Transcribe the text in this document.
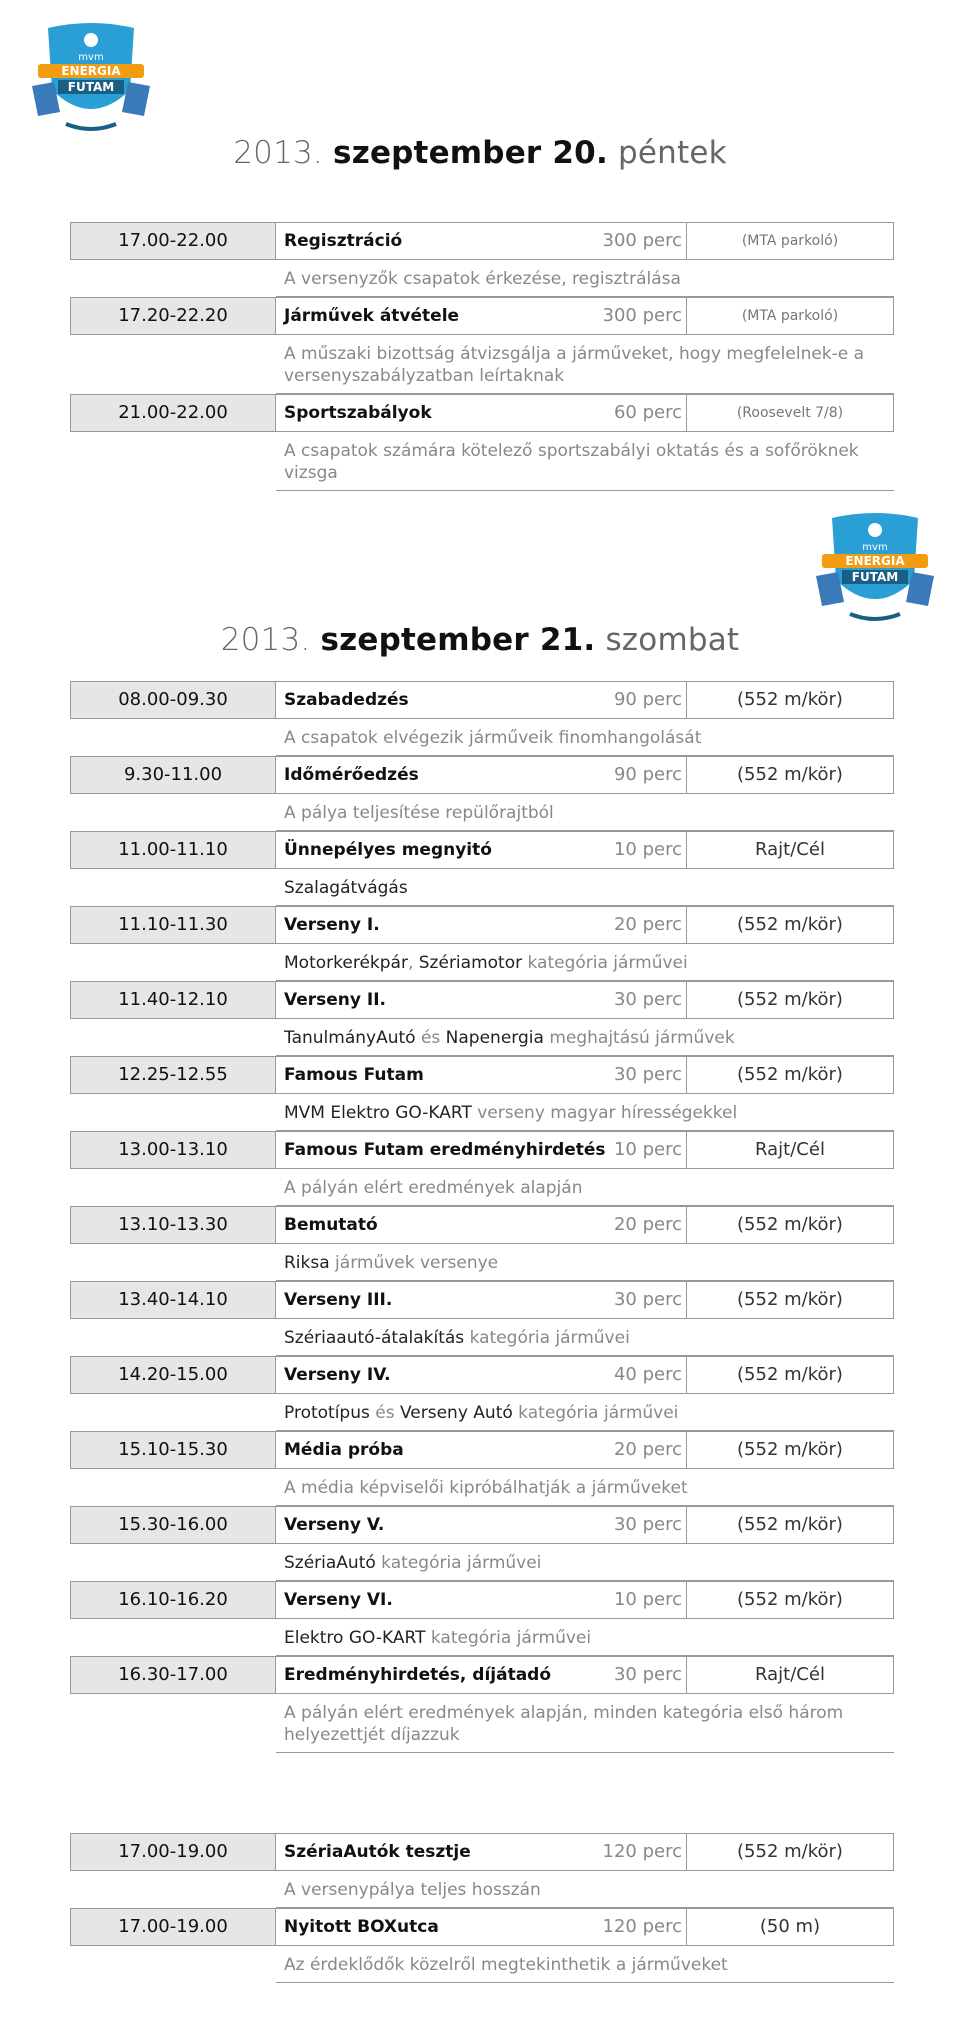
mvm
ENERGIA
FUTAM
2013. szeptember 20. péntek
17.00-22.00	Regisztráció	300 perc	(MTA parkoló)
A versenyzők csapatok érkezése, regisztrálása
17.20-22.20	Járművek átvétele	300 perc	(MTA parkoló)
A műszaki bizottság átvizsgálja a járműveket, hogy megfelelnek-e a versenyszabályzatban leírtaknak
21.00-22.00	Sportszabályok	60 perc	(Roosevelt 7/8)
A csapatok számára kötelező sportszabályi oktatás és a sofőröknek vizsga
mvm
ENERGIA
FUTAM
2013. szeptember 21. szombat
08.00-09.30	Szabadedzés	90 perc	(552 m/kör)
A csapatok elvégezik járműveik finomhangolását
9.30-11.00	Időmérőedzés	90 perc	(552 m/kör)
A pálya teljesítése repülőrajtból
11.00-11.10	Ünnepélyes megnyitó	10 perc	Rajt/Cél
Szalagátvágás
11.10-11.30	Verseny I.	20 perc	(552 m/kör)
Motorkerékpár, Szériamotor kategória járművei
11.40-12.10	Verseny II.	30 perc	(552 m/kör)
TanulmányAutó és Napenergia meghajtású járművek
12.25-12.55	Famous Futam	30 perc	(552 m/kör)
MVM Elektro GO-KART verseny magyar hírességekkel
13.00-13.10	Famous Futam eredményhirdetés 10 perc	Rajt/Cél
A pályán elért eredmények alapján
13.10-13.30	Bemutató	20 perc	(552 m/kör)
Riksa járművek versenye
13.40-14.10	Verseny III.	30 perc	(552 m/kör)
Szériaautó-átalakítás kategória járművei
14.20-15.00	Verseny IV.	40 perc	(552 m/kör)
Prototípus és Verseny Autó kategória járművei
15.10-15.30	Média próba	20 perc	(552 m/kör)
A média képviselői kipróbálhatják a járműveket
15.30-16.00	Verseny V.	30 perc	(552 m/kör)
SzériaAutó kategória járművei
16.10-16.20	Verseny VI.	10 perc	(552 m/kör)
Elektro GO-KART kategória járművei
16.30-17.00	Eredményhirdetés, díjátadó	30 perc	Rajt/Cél
A pályán elért eredmények alapján, minden kategória első három helyezettjét díjazzuk
17.00-19.00	SzériaAutók tesztje	120 perc	(552 m/kör)
A versenypálya teljes hosszán
17.00-19.00	Nyitott BOXutca	120 perc	(50 m)
Az érdeklődők közelről megtekinthetik a járműveket
